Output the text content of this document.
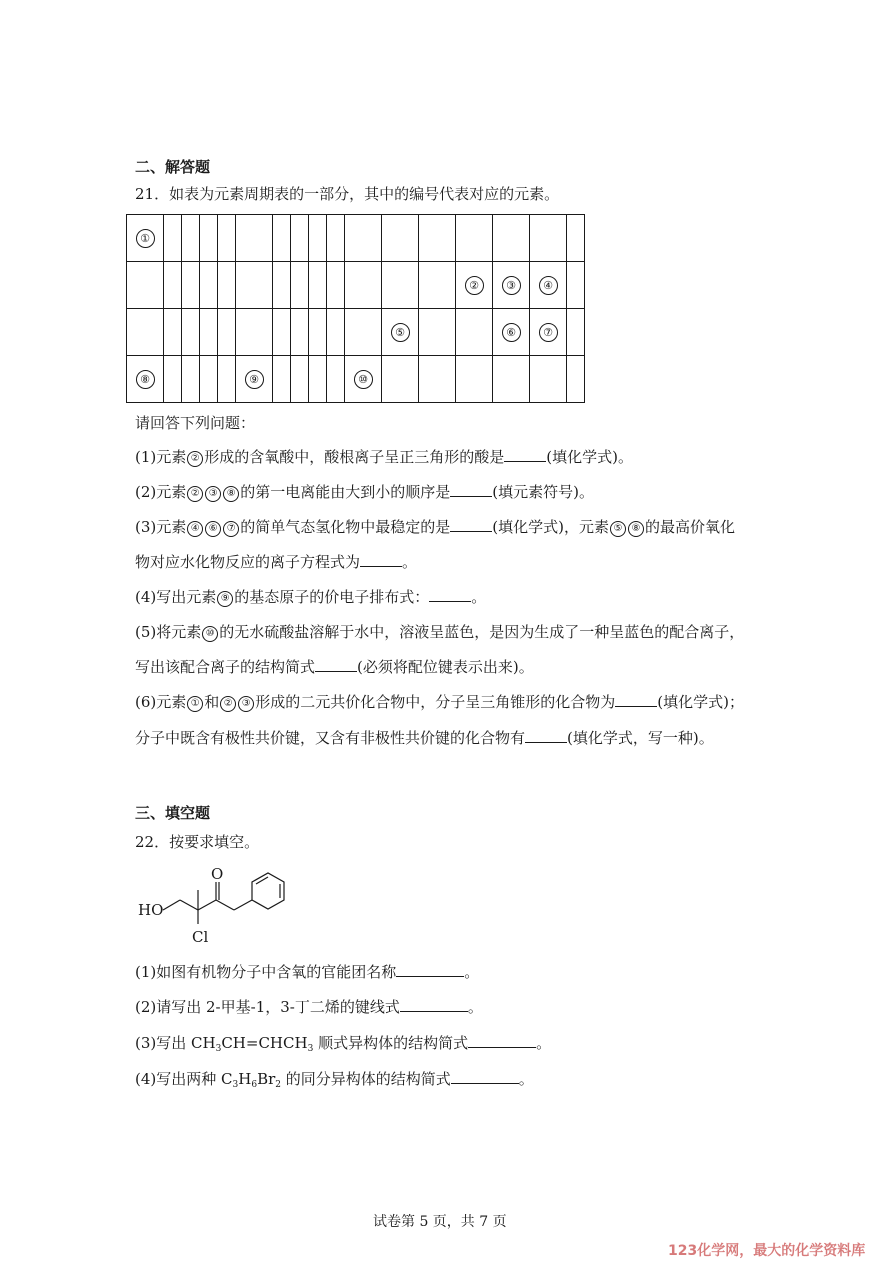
二、解答题
21．如表为元素周期表的一部分，其中的编号代表对应的元素。
①																
													②	③	④	
											⑤			⑥	⑦	
⑧					⑨					⑩						
请回答下列问题：
(1)元素 ② 形成的含氧酸中，酸根离子呈正三角形的酸是	(填化学式)。
(2)元素 ② ③ ⑧ 的第一电离能由大到小的顺序是	(填元素符号)。
(3)元素 ④ ⑥ ⑦ 的简单气态氢化物中最稳定的是	(填化学式)，元素 ⑤ ⑧ 的最高价氧化
物对应水化物反应的离子方程式为	。
(4)写出元素 ⑨ 的基态原子的价电子排布式：	。
(5)将元素 ⑩ 的无水硫酸盐溶解于水中，溶液呈蓝色，是因为生成了一种呈蓝色的配合离子，
写出该配合离子的结构简式	(必须将配位键表示出来)。
(6)元素 ① 和 ② ③ 形成的二元共价化合物中，分子呈三角锥形的化合物为	(填化学式)；
分子中既含有极性共价键，又含有非极性共价键的化合物有	(填化学式，写一种)。
三、填空题
22．按要求填空。
HO
Cl
O
(1)如图有机物分子中含氧的官能团名称	。
(2)请写出 2-甲基-1，3-丁二烯的键线式	。
(3)写出 $CH_3CH=CHCH_3$ 顺式异构体的结构简式	。
(4)写出两种 $C_3H_6Br_2$ 的同分异构体的结构简式	。
试卷第 5 页，共 7 页
123化学网，最大的化学资料库
